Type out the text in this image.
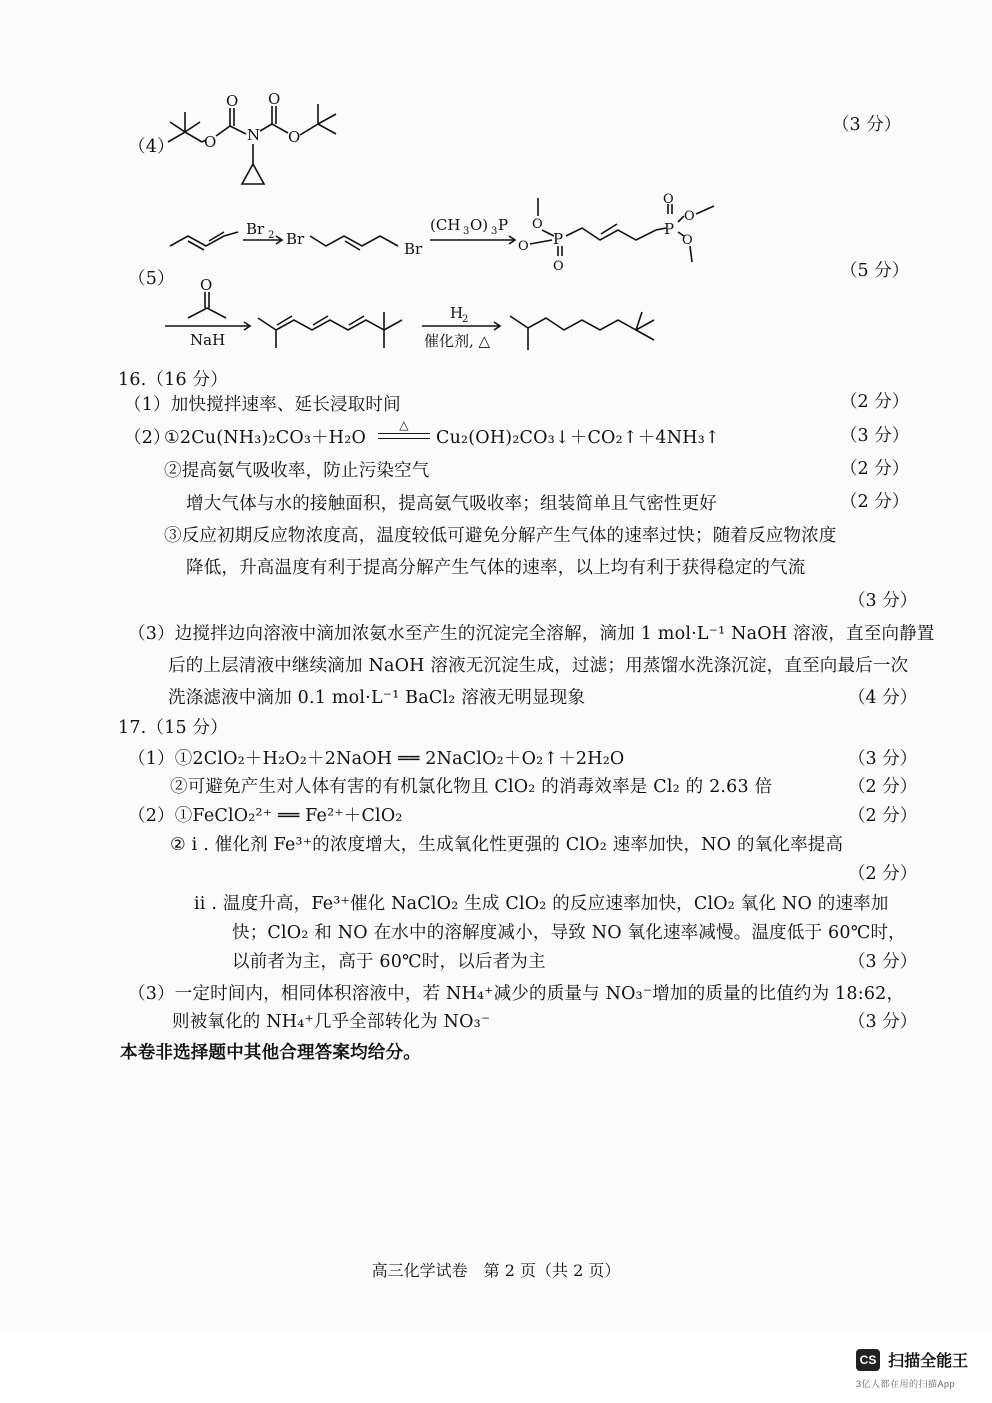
（4）
（3 分）
O
O
N
O
O
Br 2 Br
Br
(CH 3 O) 3 P O
O P
O
P
O
O
O
O
NaH
H
2
催化剂, △
（5）	（5 分）
16.（16 分）
（1）加快搅拌速率、延长浸取时间	（2 分）
（2）
①2Cu(NH₃)₂CO₃＋H₂O
△
Cu₂(OH)₂CO₃↓＋CO₂↑＋4NH₃↑	（3 分）
②提高氨气吸收率，防止污染空气	（2 分）
增大气体与水的接触面积，提高氨气吸收率；组装简单且气密性更好	（2 分）
③反应初期反应物浓度高，温度较低可避免分解产生气体的速率过快；随着反应物浓度
降低，升高温度有利于提高分解产生气体的速率，以上均有利于获得稳定的气流
（3 分）
（3）边搅拌边向溶液中滴加浓氨水至产生的沉淀完全溶解，滴加 1 mol·L⁻¹ NaOH 溶液，直至向静置
后的上层清液中继续滴加 NaOH 溶液无沉淀生成，过滤；用蒸馏水洗涤沉淀，直至向最后一次
洗涤滤液中滴加 0.1 mol·L⁻¹ BaCl₂ 溶液无明显现象	（4 分）
17.（15 分）
（1）①2ClO₂＋H₂O₂＋2NaOH ══ 2NaClO₂＋O₂↑＋2H₂O	（3 分）
②可避免产生对人体有害的有机氯化物且 ClO₂ 的消毒效率是 Cl₂ 的 2.63 倍	（2 分）
（2）①FeClO₂²⁺ ══ Fe²⁺＋ClO₂	（2 分）
② i . 催化剂 Fe³⁺的浓度增大，生成氧化性更强的 ClO₂ 速率加快，NO 的氧化率提高
（2 分）
ii . 温度升高，Fe³⁺催化 NaClO₂ 生成 ClO₂ 的反应速率加快，ClO₂ 氧化 NO 的速率加
快；ClO₂ 和 NO 在水中的溶解度减小，导致 NO 氧化速率减慢。温度低于 60℃时，
以前者为主，高于 60℃时，以后者为主	（3 分）
（3）一定时间内，相同体积溶液中，若 NH₄⁺减少的质量与 NO₃⁻增加的质量的比值约为 18:62，
则被氧化的 NH₄⁺几乎全部转化为 NO₃⁻	（3 分）
本卷非选择题中其他合理答案均给分。
高三化学试卷　第 2 页（共 2 页）
CS 扫描全能王
3亿人都在用的扫描App
